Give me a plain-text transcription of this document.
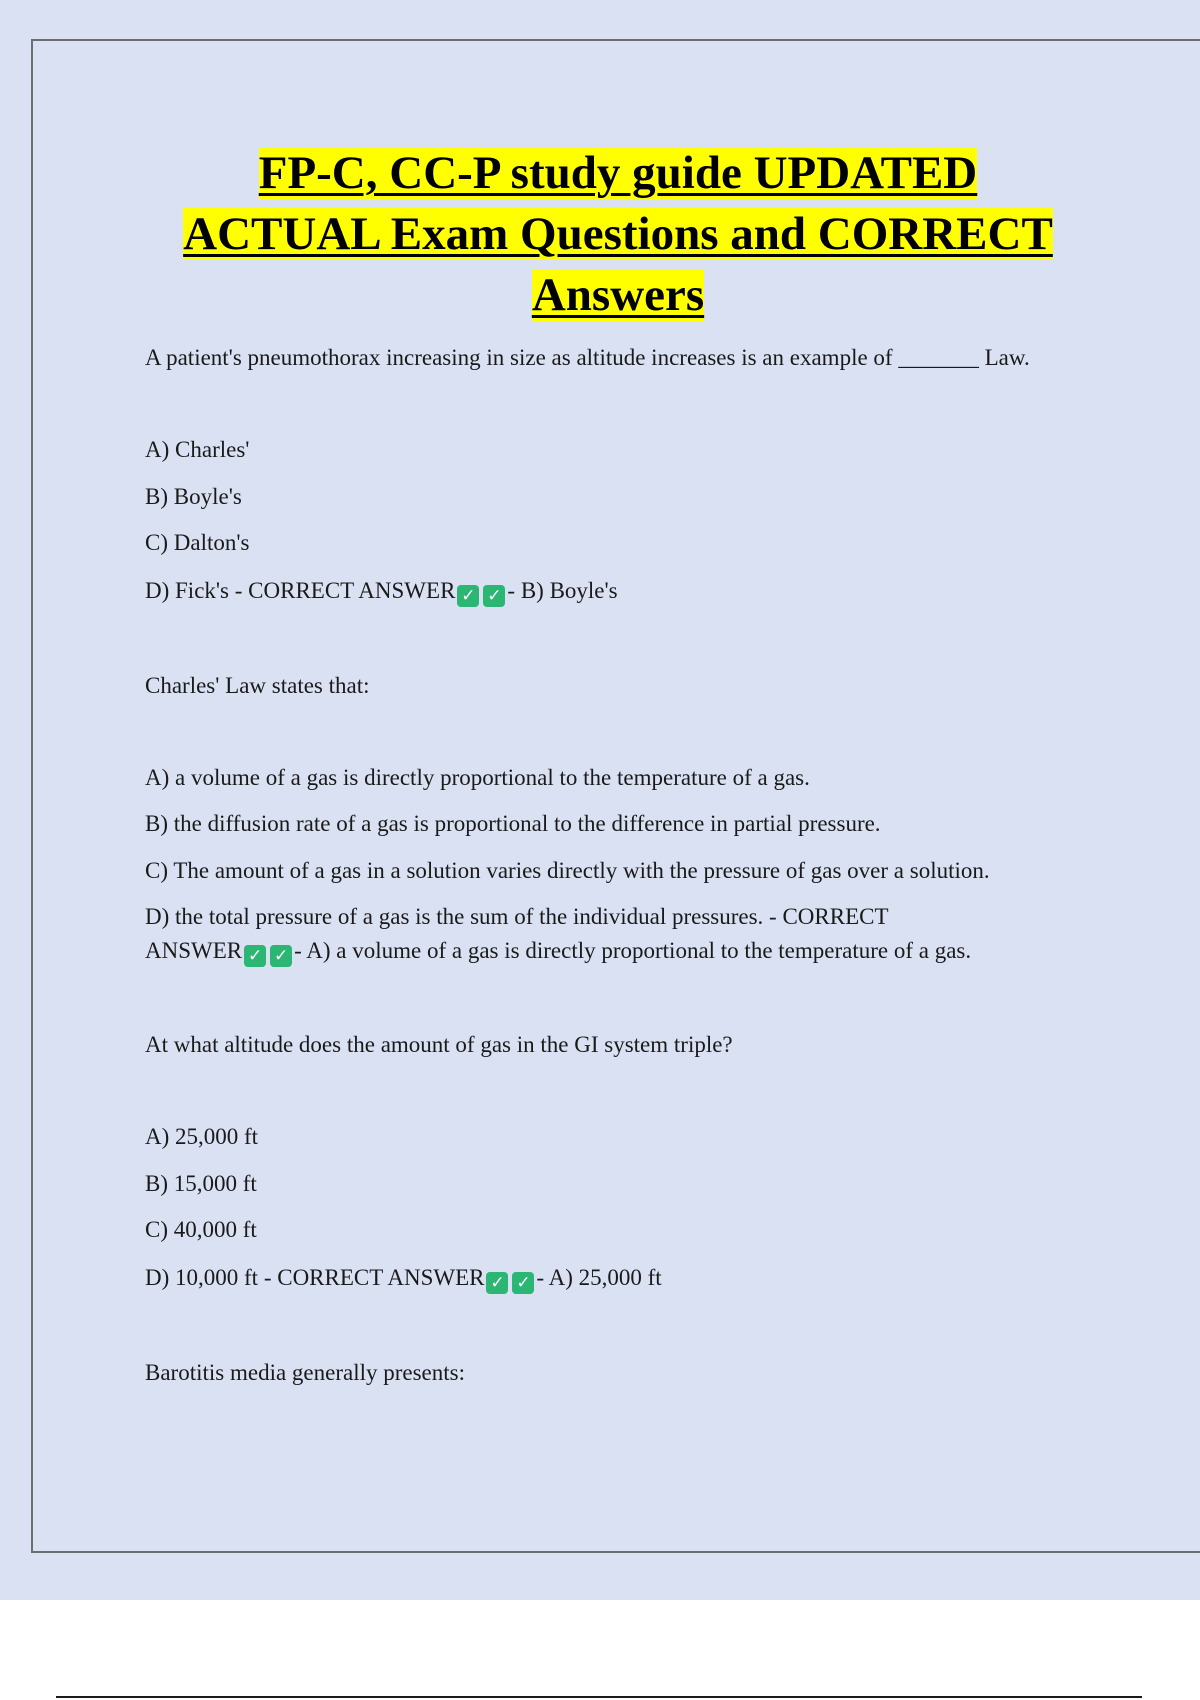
FP-C, CC-P study guide UPDATED
ACTUAL Exam Questions and CORRECT
Answers
A patient's pneumothorax increasing in size as altitude increases is an example of _______ Law.
A) Charles'
B) Boyle's
C) Dalton's
D) Fick's - CORRECT ANSWER ✓ ✓ - B) Boyle's
Charles' Law states that:
A) a volume of a gas is directly proportional to the temperature of a gas.
B) the diffusion rate of a gas is proportional to the difference in partial pressure.
C) The amount of a gas in a solution varies directly with the pressure of gas over a solution.
D) the total pressure of a gas is the sum of the individual pressures. - CORRECT
ANSWER ✓ ✓ - A) a volume of a gas is directly proportional to the temperature of a gas.
At what altitude does the amount of gas in the GI system triple?
A) 25,000 ft
B) 15,000 ft
C) 40,000 ft
D) 10,000 ft - CORRECT ANSWER ✓ ✓ - A) 25,000 ft
Barotitis media generally presents:
